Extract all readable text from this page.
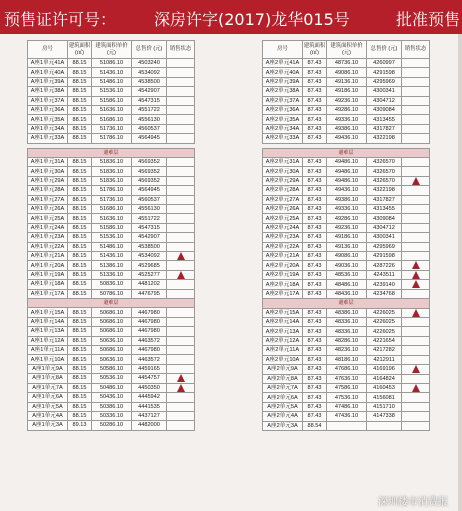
预售证许可号： 深房许字(2017)龙华015号	批准预售
房号	建筑面积 (㎡)	建筑面积单价 (元)	总售价 (元)	销售状态
A座1单元41A	88.15	51086.10	4503240	
A座1单元40A	88.15	51436.10	4534092	
A座1单元39A	88.15	51486.10	4538500	
A座1单元38A	88.15	51536.10	4542907	
A座1单元37A	88.15	51586.10	4547315	
A座1单元36A	88.15	51636.10	4551722	
A座1单元35A	88.15	51686.10	4556130	
A座1单元34A	88.15	51736.10	4560537	
A座1单元33A	88.15	51786.10	4564945	
避难层				
A座1单元31A	88.15	51836.10	4569352	
A座1单元30A	88.15	51836.10	4569352	
A座1单元29A	88.15	51836.10	4569352	
A座1单元28A	88.15	51786.10	4564945	
A座1单元27A	88.15	51736.10	4560537	
A座1单元26A	88.15	51686.10	4556130	
A座1单元25A	88.15	51636.10	4551722	
A座1单元24A	88.15	51586.10	4547315	
A座1单元23A	88.15	51536.10	4542907	
A座1单元22A	88.15	51486.10	4538500	
A座1单元21A	88.15	51436.10	4534092	
A座1单元20A	88.15	51386.10	4529685	
A座1单元19A	88.15	51336.10	4525277	
A座1单元18A	88.15	50836.10	4481202	
A座1单元17A	88.15	50786.10	4476795	
避难层				
A座1单元15A	88.15	50686.10	4467980	
A座1单元14A	88.15	50686.10	4467980	
A座1单元13A	88.15	50686.10	4467980	
A座1单元12A	88.15	50636.10	4463572	
A座1单元11A	88.15	50686.10	4467980	
A座1单元10A	88.15	50636.10	4463572	
A座1单元9A	88.15	50586.10	4459165	
A座1单元8A	88.15	50536.10	4454757	
A座1单元7A	88.15	50486.10	4450350	
A座1单元6A	88.15	50436.10	4445942	
A座1单元5A	88.15	50386.10	4441535	
A座1单元4A	88.15	50336.10	4437127	
A座1单元3A	89.13	50286.10	4482000	
房号	建筑面积 (㎡)	建筑面积单价 (元)	总售价 (元)	销售状态
A座2单元41A	87.43	48736.10	4260997	
A座2单元40A	87.43	49086.10	4291598	
A座2单元39A	87.43	49136.10	4295969	
A座2单元38A	87.43	49186.10	4300341	
A座2单元37A	87.43	49236.10	4304712	
A座2单元36A	87.43	49286.10	4309084	
A座2单元35A	87.43	49336.10	4313455	
A座2单元34A	87.43	49386.10	4317827	
A座2单元33A	87.43	49436.10	4322198	
避难层				
A座2单元31A	87.43	49486.10	4326570	
A座2单元30A	87.43	49486.10	4326570	
A座2单元29A	87.43	49486.10	4326570	
A座2单元28A	87.43	49436.10	4322198	
A座2单元27A	87.43	49386.10	4317827	
A座2单元26A	87.43	49336.10	4313455	
A座2单元25A	87.43	49286.10	4309084	
A座2单元24A	87.43	49236.10	4304712	
A座2单元23A	87.43	49186.10	4300341	
A座2单元22A	87.43	49136.10	4295969	
A座2单元21A	87.43	49086.10	4291598	
A座2单元20A	87.43	49036.10	4287226	
A座2单元19A	87.43	48536.10	4243511	
A座2单元18A	87.43	48486.10	4239140	
A座2单元17A	87.43	48436.10	4234768	
避难层				
A座2单元15A	87.43	48386.10	4226025	
A座2单元14A	87.43	48336.10	4226025	
A座2单元13A	87.43	48336.10	4226025	
A座2单元12A	87.43	48286.10	4221654	
A座2单元11A	87.43	48236.10	4217282	
A座2单元10A	87.43	48186.10	4212911	
A座2单元9A	87.43	47686.10	4169196	
A座2单元8A	87.43	47636.10	4164824	
A座2单元7A	87.43	47586.10	4160453	
A座2单元6A	87.43	47536.10	4156081	
A座2单元5A	87.43	47486.10	4151710	
A座2单元4A	87.43	47436.10	4147338	
A座2单元3A	88.54			
深圳楼市消费报
